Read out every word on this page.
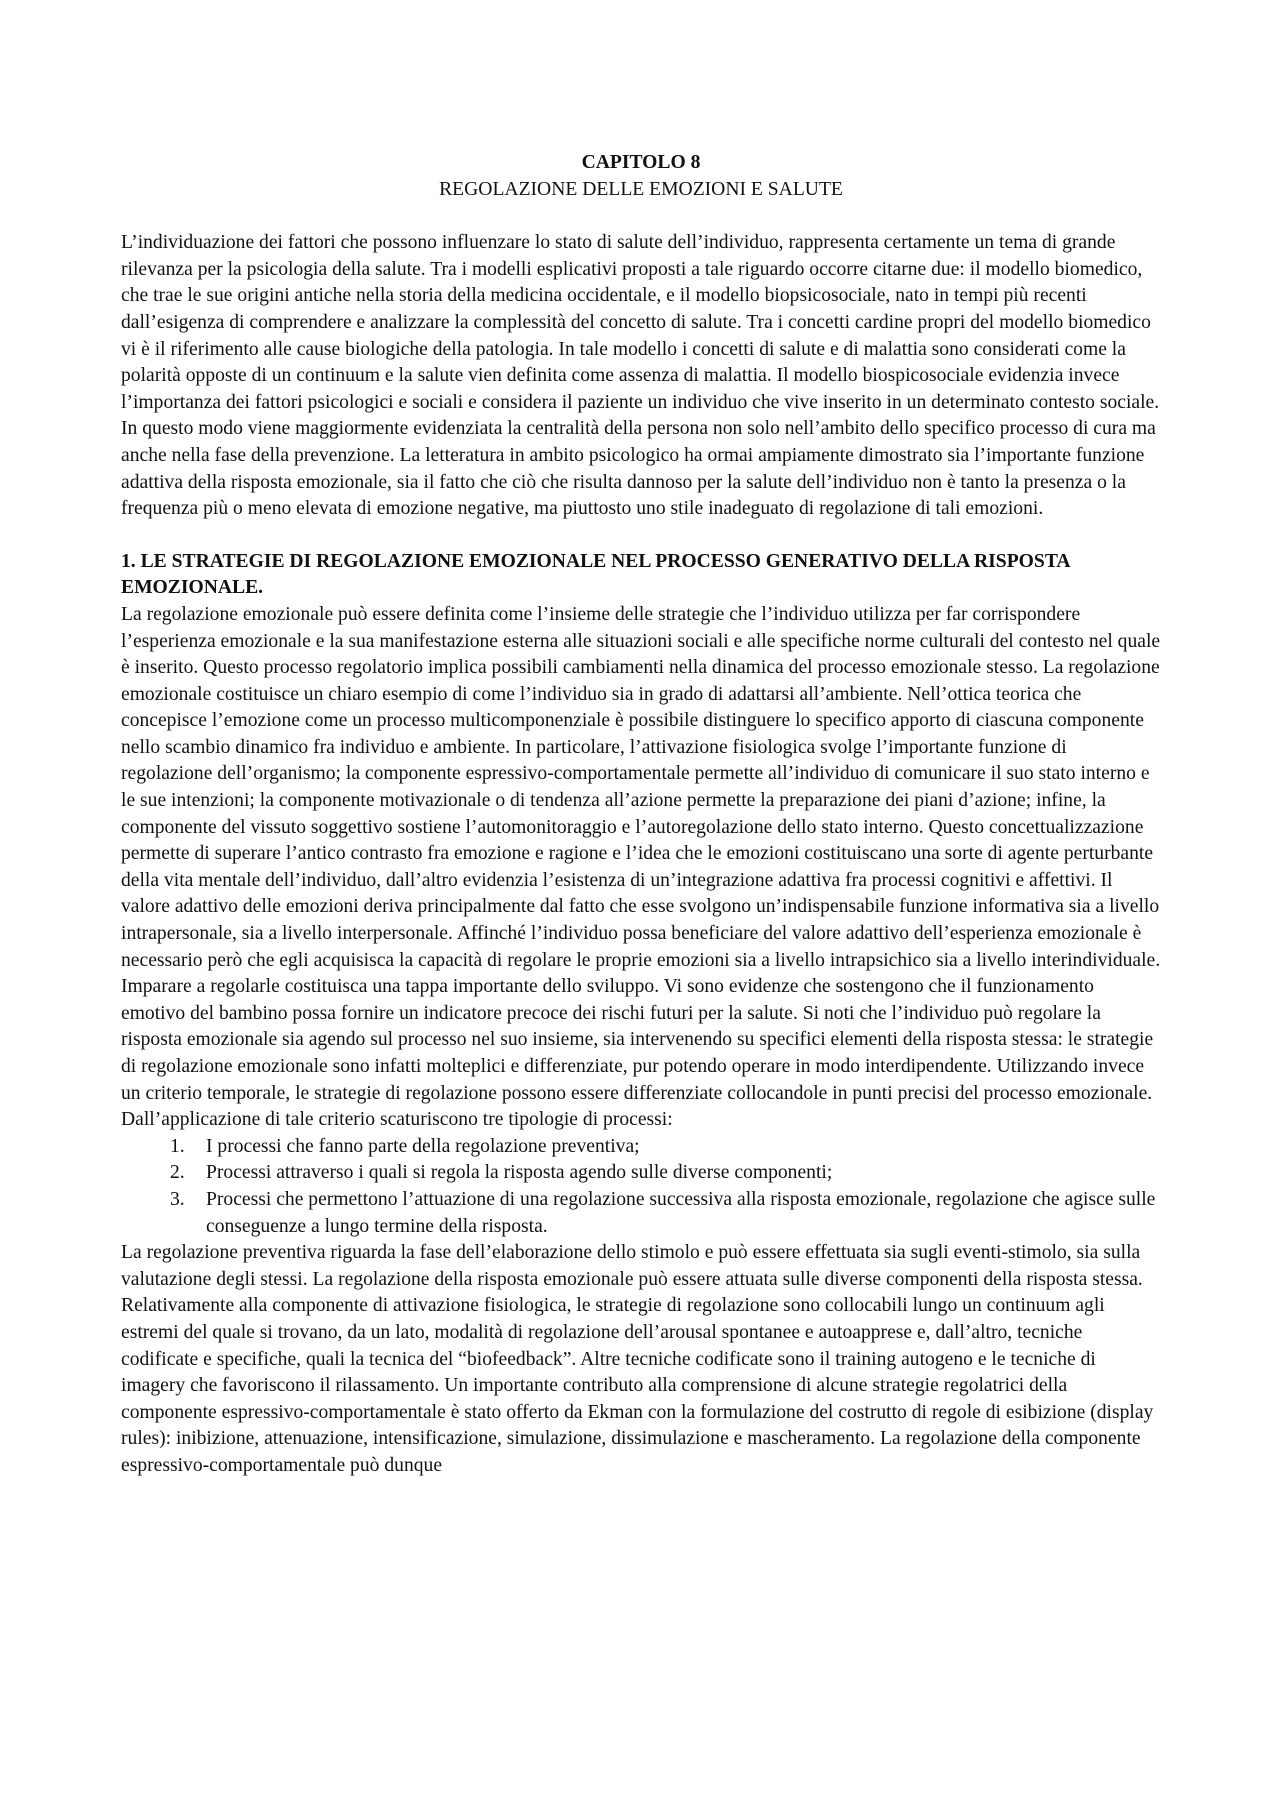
CAPITOLO 8
REGOLAZIONE DELLE EMOZIONI E SALUTE

L’individuazione dei fattori che possono influenzare lo stato di salute dell’individuo, rappresenta certamente un tema di grande rilevanza per la psicologia della salute. Tra i modelli esplicativi proposti a tale riguardo occorre citarne due: il modello biomedico, che trae le sue origini antiche nella storia della medicina occidentale, e il modello biopsicosociale, nato in tempi più recenti dall’esigenza di comprendere e analizzare la complessità del concetto di salute. Tra i concetti cardine propri del modello biomedico vi è il riferimento alle cause biologiche della patologia. In tale modello i concetti di salute e di malattia sono considerati come la polarità opposte di un continuum e la salute vien definita come assenza di malattia. Il modello biospicosociale evidenzia invece l’importanza dei fattori psicologici e sociali e considera il paziente un individuo che vive inserito in un determinato contesto sociale. In questo modo viene maggiormente evidenziata la centralità della persona non solo nell’ambito dello specifico processo di cura ma anche nella fase della prevenzione. La letteratura in ambito psicologico ha ormai ampiamente dimostrato sia l’importante funzione adattiva della risposta emozionale, sia il fatto che ciò che risulta dannoso per la salute dell’individuo non è tanto la presenza o la frequenza più o meno elevata di emozione negative, ma piuttosto uno stile inadeguato di regolazione di tali emozioni.

1. LE STRATEGIE DI REGOLAZIONE EMOZIONALE NEL PROCESSO GENERATIVO DELLA RISPOSTA EMOZIONALE.

La regolazione emozionale può essere definita come l’insieme delle strategie che l’individuo utilizza per far corrispondere l’esperienza emozionale e la sua manifestazione esterna alle situazioni sociali e alle specifiche norme culturali del contesto nel quale è inserito. Questo processo regolatorio implica possibili cambiamenti nella dinamica del processo emozionale stesso. La regolazione emozionale costituisce un chiaro esempio di come l’individuo sia in grado di adattarsi all’ambiente. Nell’ottica teorica che concepisce l’emozione come un processo multicomponenziale è possibile distinguere lo specifico apporto di ciascuna componente nello scambio dinamico fra individuo e ambiente. In particolare, l’attivazione fisiologica svolge l’importante funzione di regolazione dell’organismo; la componente espressivo-comportamentale permette all’individuo di comunicare il suo stato interno e le sue intenzioni; la componente motivazionale o di tendenza all’azione permette la preparazione dei piani d’azione; infine, la componente del vissuto soggettivo sostiene l’automonitoraggio e l’autoregolazione dello stato interno. Questo concettualizzazione permette di superare l’antico contrasto fra emozione e ragione e l’idea che le emozioni costituiscano una sorte di agente perturbante della vita mentale dell’individuo, dall’altro evidenzia l’esistenza di un’integrazione adattiva fra processi cognitivi e affettivi. Il valore adattivo delle emozioni deriva principalmente dal fatto che esse svolgono un’indispensabile funzione informativa sia a livello intrapersonale, sia a livello interpersonale. Affinché l’individuo possa beneficiare del valore adattivo dell’esperienza emozionale è necessario però che egli acquisisca la capacità di regolare le proprie emozioni sia a livello intrapsichico sia a livello interindividuale. Imparare a regolarle costituisca una tappa importante dello sviluppo. Vi sono evidenze che sostengono che il funzionamento emotivo del bambino possa fornire un indicatore precoce dei rischi futuri per la salute. Si noti che l’individuo può regolare la risposta emozionale sia agendo sul processo nel suo insieme, sia intervenendo su specifici elementi della risposta stessa: le strategie di regolazione emozionale sono infatti molteplici e differenziate, pur potendo operare in modo interdipendente. Utilizzando invece un criterio temporale, le strategie di regolazione possono essere differenziate collocandole in punti precisi del processo emozionale. Dall’applicazione di tale criterio scaturiscono tre tipologie di processi:

1. I processi che fanno parte della regolazione preventiva;
2. Processi attraverso i quali si regola la risposta agendo sulle diverse componenti;
3. Processi che permettono l’attuazione di una regolazione successiva alla risposta emozionale, regolazione che agisce sulle conseguenze a lungo termine della risposta.

La regolazione preventiva riguarda la fase dell’elaborazione dello stimolo e può essere effettuata sia sugli eventi-stimolo, sia sulla valutazione degli stessi. La regolazione della risposta emozionale può essere attuata sulle diverse componenti della risposta stessa. Relativamente alla componente di attivazione fisiologica, le strategie di regolazione sono collocabili lungo un continuum agli estremi del quale si trovano, da un lato, modalità di regolazione dell’arousal spontanee e autoapprese e, dall’altro, tecniche codificate e specifiche, quali la tecnica del “biofeedback”. Altre tecniche codificate sono il training autogeno e le tecniche di imagery che favoriscono il rilassamento. Un importante contributo alla comprensione di alcune strategie regolatrici della componente espressivo-comportamentale è stato offerto da Ekman con la formulazione del costrutto di regole di esibizione (display rules): inibizione, attenuazione, intensificazione, simulazione, dissimulazione e mascheramento. La regolazione della componente espressivo-comportamentale può dunque
